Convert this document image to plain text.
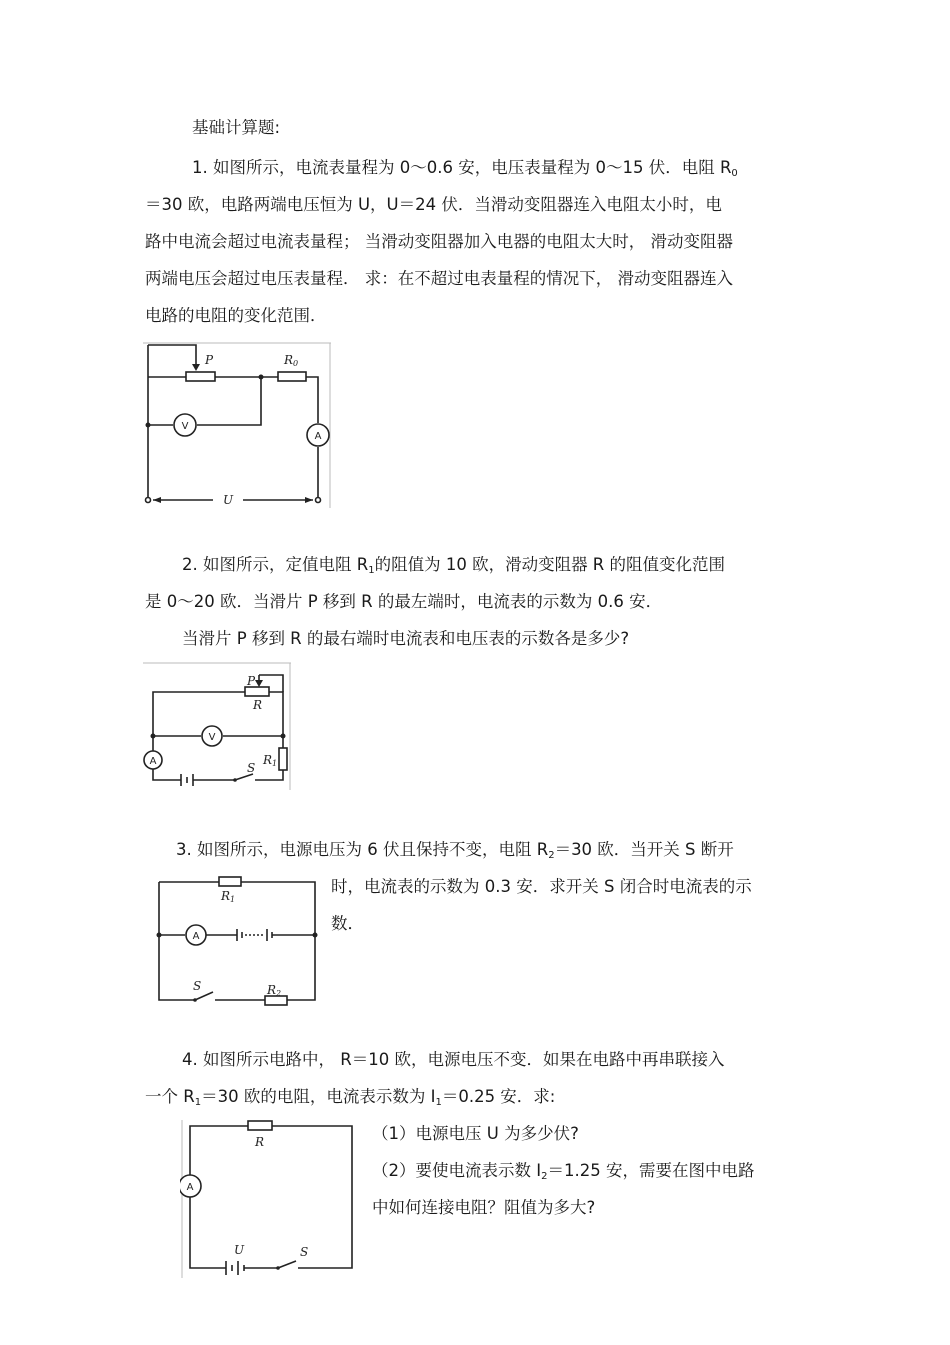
基础计算题:
1. 如图所示，电流表量程为 0～0.6 安，电压表量程为 0～15 伏．电阻 R0
＝30 欧，电路两端电压恒为 U，U＝24 伏．当滑动变阻器连入电阻太小时，电
路中电流会超过电流表量程； 当滑动变阻器加入电器的电阻太大时， 滑动变阻器
两端电压会超过电压表量程． 求：在不超过电表量程的情况下， 滑动变阻器连入
电路的电阻的变化范围．
V
A
P	R0
U
2. 如图所示，定值电阻 R1的阻值为 10 欧，滑动变阻器 R 的阻值变化范围
是 0～20 欧．当滑片 P 移到 R 的最左端时，电流表的示数为 0.6 安．
当滑片 P 移到 R 的最右端时电流表和电压表的示数各是多少?
V
A
P
R
S
R1
3. 如图所示，电源电压为 6 伏且保持不变，电阻 R2＝30 欧．当开关 S 断开
时，电流表的示数为 0.3 安．求开关 S 闭合时电流表的示
数．
A
R1
S	R2
4. 如图所示电路中， R＝10 欧，电源电压不变．如果在电路中再串联接入
一个 R1＝30 欧的电阻，电流表示数为 I1＝0.25 安．求:
（1）电源电压 U 为多少伏?
（2）要使电流表示数 I2＝1.25 安，需要在图中电路
中如何连接电阻？阻值为多大?
A
R
U	S
